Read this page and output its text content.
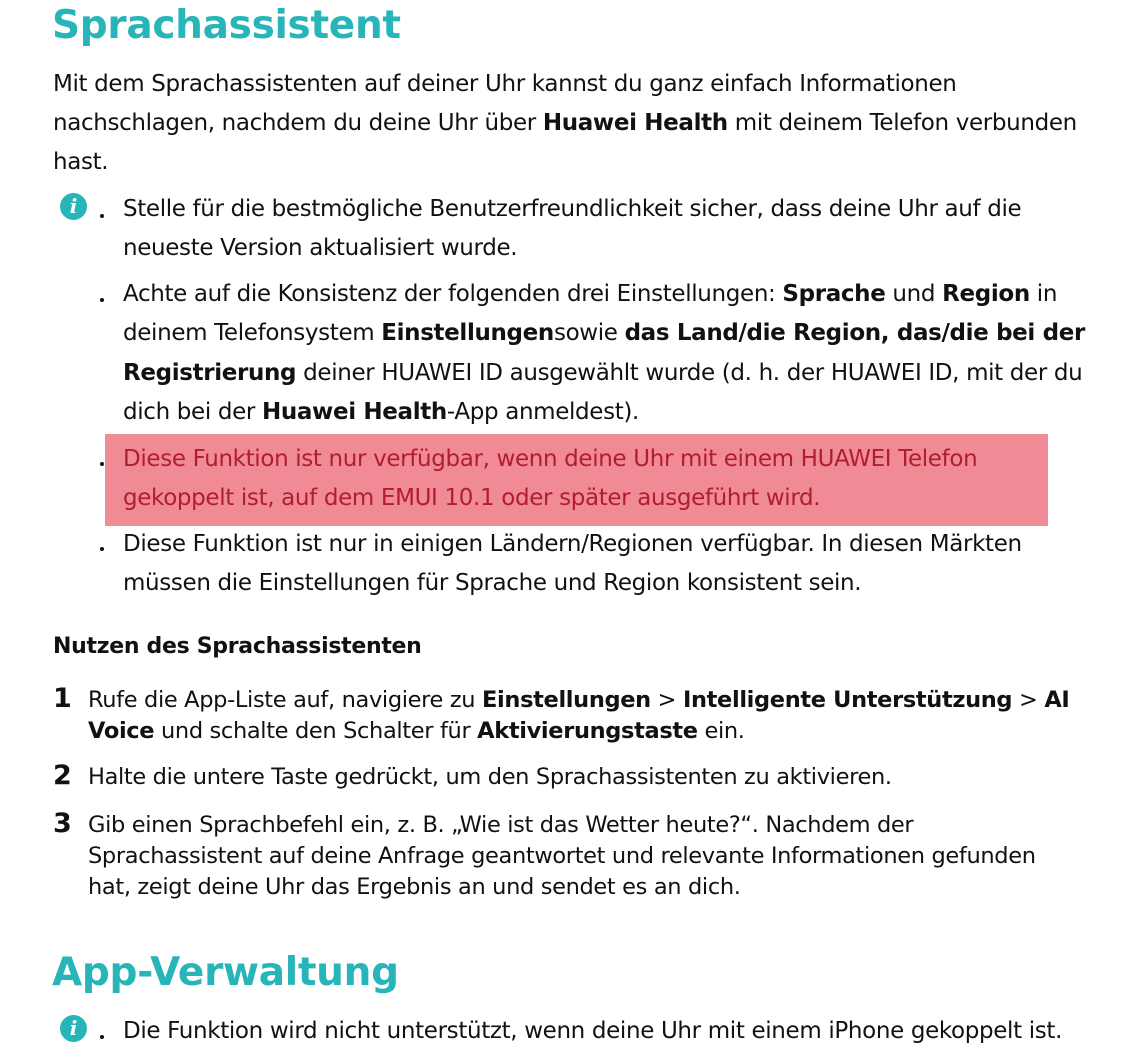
Sprachassistent
Mit dem Sprachassistenten auf deiner Uhr kannst du ganz einfach Informationen
nachschlagen, nachdem du deine Uhr über Huawei Health mit deinem Telefon verbunden
hast.
i	Stelle für die bestmögliche Benutzerfreundlichkeit sicher, dass deine Uhr auf die
neueste Version aktualisiert wurde.
Achte auf die Konsistenz der folgenden drei Einstellungen: Sprache und Region in
deinem Telefonsystem Einstellungensowie das Land/die Region, das/die bei der
Registrierung deiner HUAWEI ID ausgewählt wurde (d. h. der HUAWEI ID, mit der du
dich bei der Huawei Health-App anmeldest).
Diese Funktion ist nur verfügbar, wenn deine Uhr mit einem HUAWEI Telefon
gekoppelt ist, auf dem EMUI 10.1 oder später ausgeführt wird.
Diese Funktion ist nur in einigen Ländern/Regionen verfügbar. In diesen Märkten
müssen die Einstellungen für Sprache und Region konsistent sein.
Nutzen des Sprachassistenten
1 Rufe die App-Liste auf, navigiere zu Einstellungen > Intelligente Unterstützung > AI
Voice und schalte den Schalter für Aktivierungstaste ein.
2 Halte die untere Taste gedrückt, um den Sprachassistenten zu aktivieren.
3 Gib einen Sprachbefehl ein, z. B. „Wie ist das Wetter heute?“. Nachdem der
Sprachassistent auf deine Anfrage geantwortet und relevante Informationen gefunden
hat, zeigt deine Uhr das Ergebnis an und sendet es an dich.
App-Verwaltung
i	Die Funktion wird nicht unterstützt, wenn deine Uhr mit einem iPhone gekoppelt ist.
